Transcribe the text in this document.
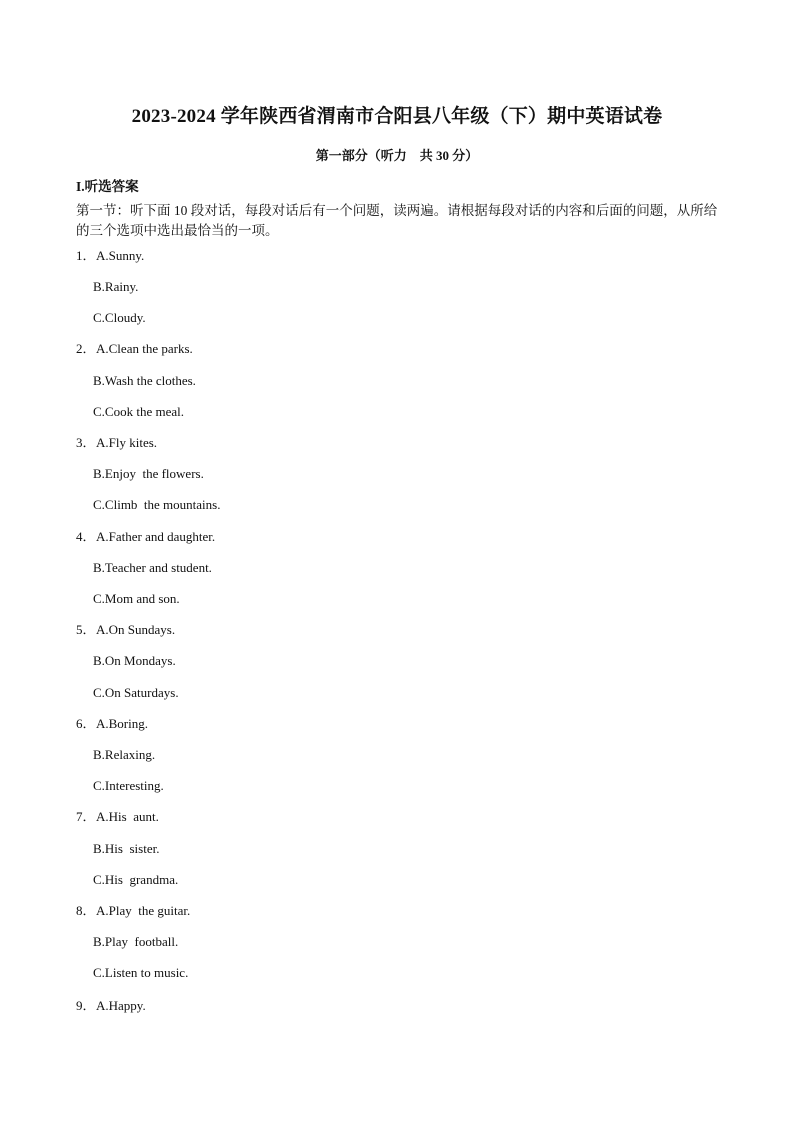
2023-2024 学年陕西省渭南市合阳县八年级（下）期中英语试卷
第一部分（听力　共 30 分）
I.听选答案
第一节：听下面 10 段对话，每段对话后有一个问题，读两遍。请根据每段对话的内容和后面的问题，从所给的三个选项中选出最恰当的一项。
1． A.Sunny.
B.Rainy.
C.Cloudy.
2． A.Clean the parks.
B.Wash the clothes.
C.Cook the meal.
3． A.Fly kites.
B.Enjoy  the flowers.
C.Climb  the mountains.
4． A.Father and daughter.
B.Teacher and student.
C.Mom and son.
5． A.On Sundays.
B.On Mondays.
C.On Saturdays.
6． A.Boring.
B.Relaxing.
C.Interesting.
7． A.His  aunt.
B.His  sister.
C.His  grandma.
8． A.Play  the guitar.
B.Play  football.
C.Listen to music.
9． A.Happy.
